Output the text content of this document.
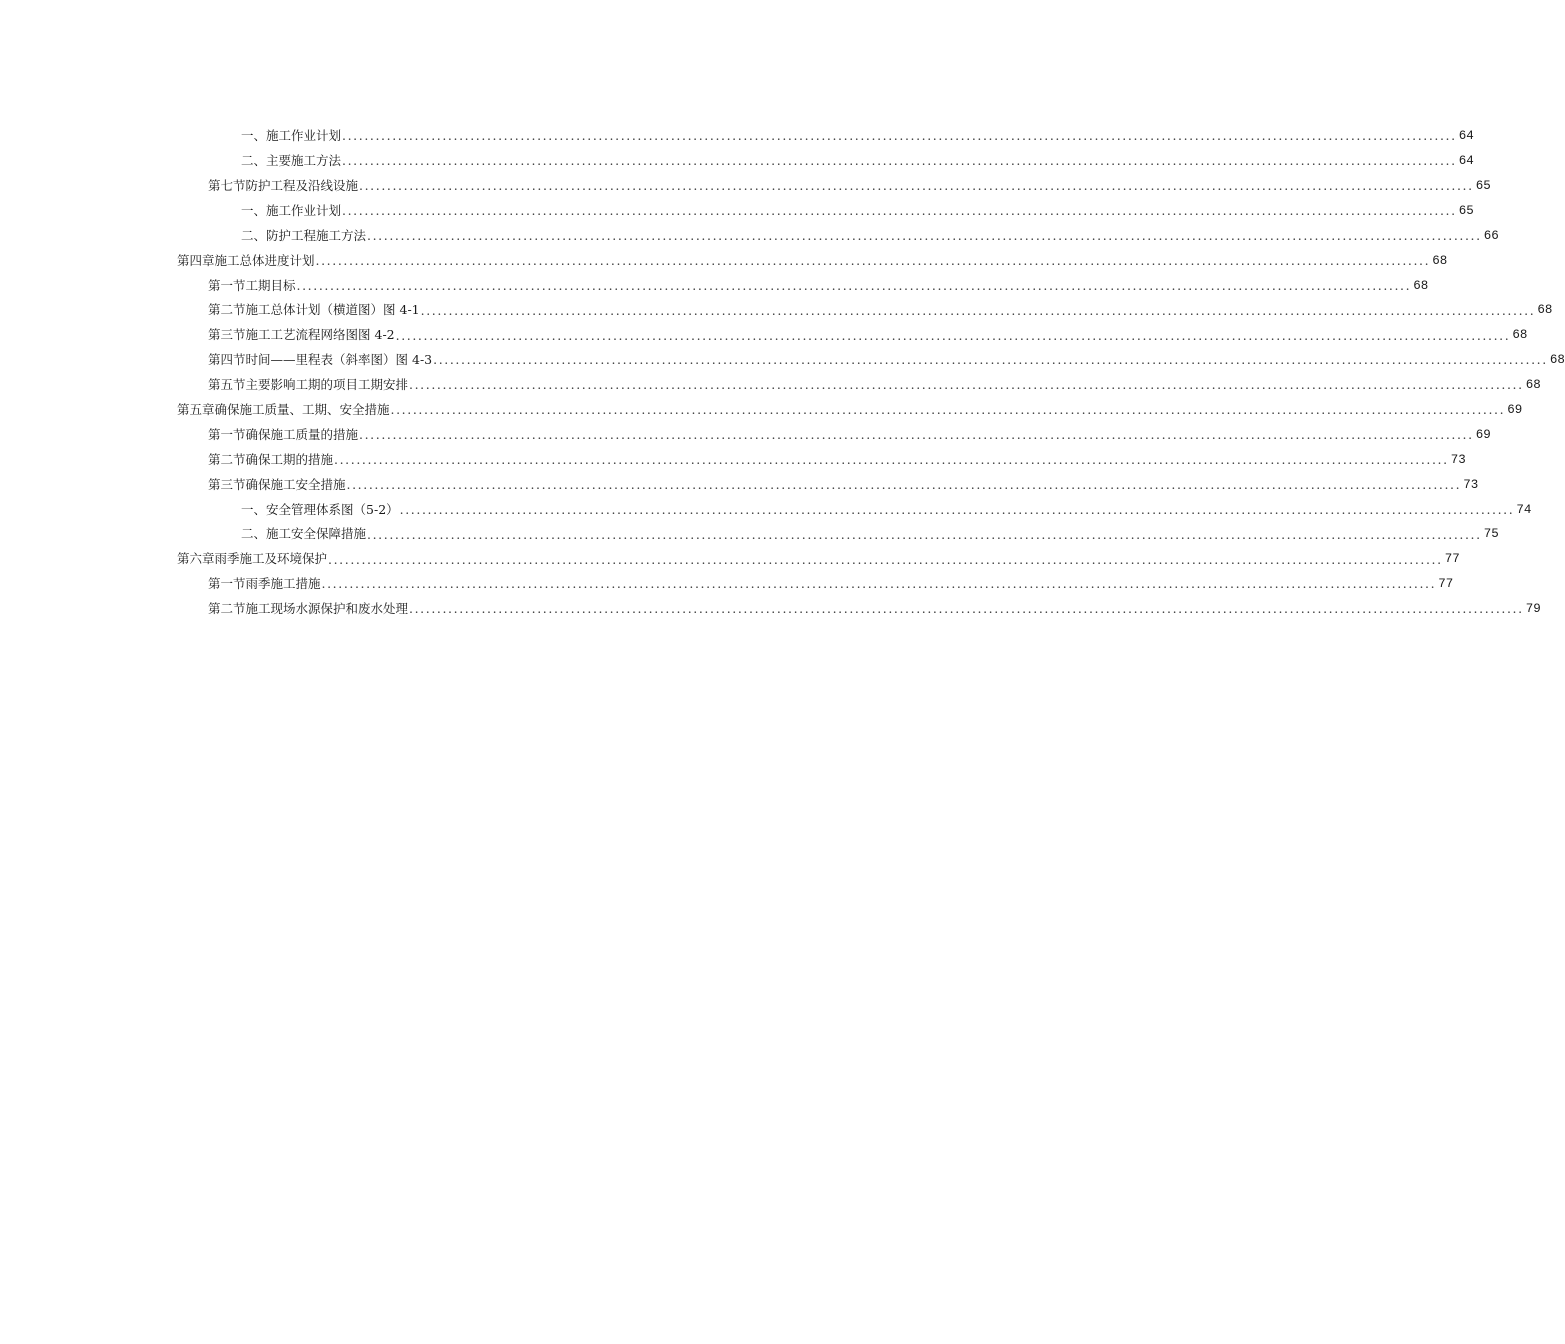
一、 施工作业计划 ........................................................................................................................................................................................................ 64
二、 主要施工方法 ........................................................................................................................................................................................................ 64
第七节 防护工程及沿线设施 ........................................................................................................................................................................................................ 65
一、 施工作业计划 ........................................................................................................................................................................................................ 65
二、 防护工程施工方法 ........................................................................................................................................................................................................ 66
第四章 施工总体进度计划 ........................................................................................................................................................................................................ 68
第一节 工期目标 ........................................................................................................................................................................................................ 68
第二节 施工总体计划（横道图）图 4-1 ........................................................................................................................................................................................................ 68
第三节 施工工艺流程网络图图 4-2 ........................................................................................................................................................................................................ 68
第四节 时间——里程表（斜率图）图 4-3 ........................................................................................................................................................................................................ 68
第五节 主要影响工期的项目工期安排 ........................................................................................................................................................................................................ 68
第五章 确保施工质量、工期、安全措施 ........................................................................................................................................................................................................ 69
第一节 确保施工质量的措施 ........................................................................................................................................................................................................ 69
第二节 确保工期的措施 ........................................................................................................................................................................................................ 73
第三节 确保施工安全措施 ........................................................................................................................................................................................................ 73
一、 安全管理体系图（5-2） ........................................................................................................................................................................................................ 74
二、 施工安全保障措施 ........................................................................................................................................................................................................ 75
第六章 雨季施工及环境保护 ........................................................................................................................................................................................................ 77
第一节 雨季施工措施 ........................................................................................................................................................................................................ 77
第二节 施工现场水源保护和废水处理 ........................................................................................................................................................................................................ 79
